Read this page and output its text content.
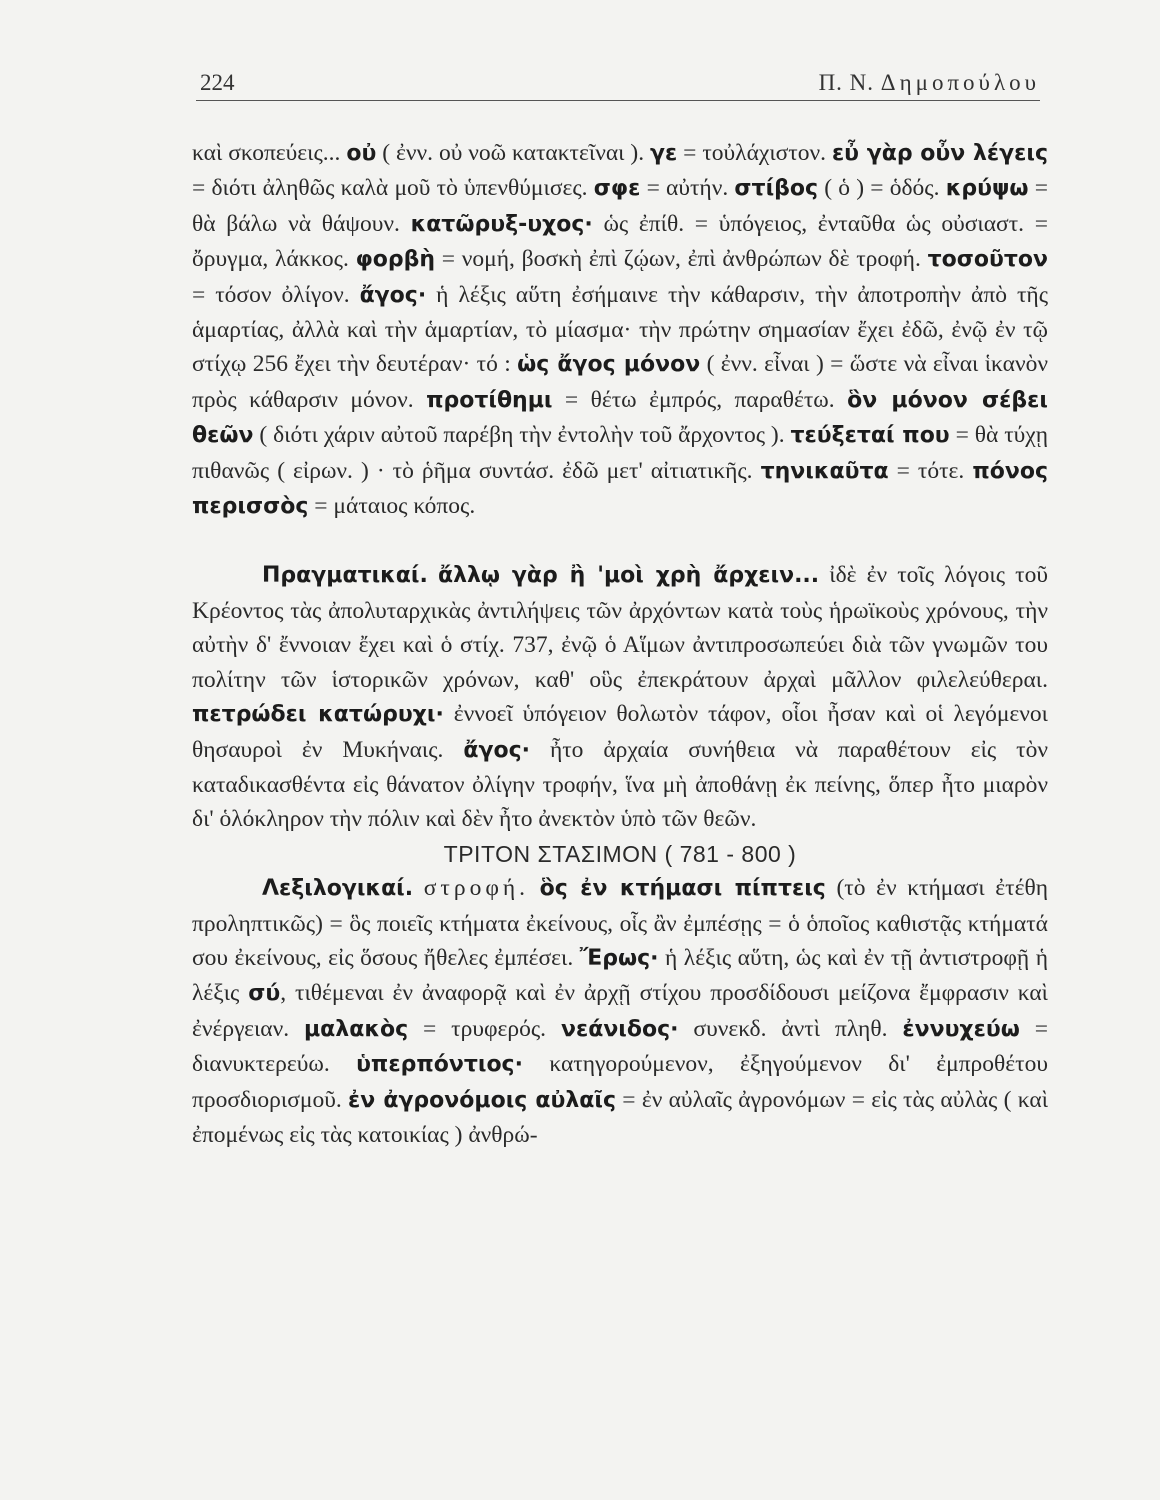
224	Π. Ν. Δημοπούλου

καὶ σκοπεύεις... οὐ ( ἐνν. οὐ νοῶ κατακτεῖναι ). γε = τοὐλάχιστον. εὖ γὰρ οὖν λέγεις = διότι ἀληθῶς καλὰ μοῦ τὸ ὑπενθύμισες. σφε = αὐτήν. στίβος ( ὁ ) = ὁδός. κρύψω = θὰ βάλω νὰ θάψουν. κατῶρυξ-υχος· ὡς ἐπίθ. = ὑπόγειος, ἐνταῦθα ὡς οὐσιαστ. = ὄρυγμα, λάκκος. φορβὴ = νομή, βοσκὴ ἐπὶ ζῴων, ἐπὶ ἀνθρώπων δὲ τροφή. τοσοῦτον = τόσον ὀλίγον. ἄγος· ἡ λέξις αὕτη ἐσήμαινε τὴν κάθαρσιν, τὴν ἀποτροπὴν ἀπὸ τῆς ἁμαρτίας, ἀλλὰ καὶ τὴν ἁμαρτίαν, τὸ μίασμα· τὴν πρώτην σημασίαν ἔχει ἐδῶ, ἐνῷ ἐν τῷ στίχῳ 256 ἔχει τὴν δευτέραν· τό : ὡς ἄγος μόνον ( ἐνν. εἶναι ) = ὥστε νὰ εἶναι ἱκανὸν πρὸς κάθαρσιν μόνον. προτίθημι = θέτω ἐμπρός, παραθέτω. ὃν μόνον σέβει θεῶν ( διότι χάριν αὐτοῦ παρέβη τὴν ἐντολὴν τοῦ ἄρχοντος ). τεύξεταί που = θὰ τύχῃ πιθανῶς ( εἰρων. ) · τὸ ῥῆμα συντάσ. ἐδῶ μετ' αἰτιατικῆς. τηνικαῦτα = τότε. πόνος περισσὸς = μάταιος κόπος.

Πραγματικαί. ἄλλῳ γὰρ ἢ 'μοὶ χρὴ ἄρχειν... ἰδὲ ἐν τοῖς λόγοις τοῦ Κρέοντος τὰς ἀπολυταρχικὰς ἀντιλήψεις τῶν ἀρχόντων κατὰ τοὺς ἡρωϊκοὺς χρόνους, τὴν αὐτὴν δ' ἔννοιαν ἔχει καὶ ὁ στίχ. 737, ἐνῷ ὁ Αἵμων ἀντιπροσωπεύει διὰ τῶν γνωμῶν του πολίτην τῶν ἱστορικῶν χρόνων, καθ' οὓς ἐπεκράτουν ἀρχαὶ μᾶλλον φιλελεύθεραι. πετρώδει κατώρυχι· ἐννοεῖ ὑπόγειον θολωτὸν τάφον, οἷοι ἦσαν καὶ οἱ λεγόμενοι θησαυροὶ ἐν Μυκήναις. ἄγος· ἦτο ἀρχαία συνήθεια νὰ παραθέτουν εἰς τὸν καταδικασθέντα εἰς θάνατον ὀλίγην τροφήν, ἵνα μὴ ἀποθάνῃ ἐκ πείνης, ὅπερ ἦτο μιαρὸν δι' ὁλόκληρον τὴν πόλιν καὶ δὲν ἦτο ἀνεκτὸν ὑπὸ τῶν θεῶν.

ΤΡΙΤΟΝ ΣΤΑΣΙΜΟΝ ( 781 - 800 )

Λεξιλογικαί. στροφή. ὃς ἐν κτήμασι πίπτεις (τὸ ἐν κτήμασι ἐτέθη προληπτικῶς) = ὃς ποιεῖς κτήματα ἐκείνους, οἷς ἂν ἐμπέσῃς = ὁ ὁποῖος καθιστᾷς κτήματά σου ἐκείνους, εἰς ὅσους ἤθελες ἐμπέσει. Ἔρως· ἡ λέξις αὕτη, ὡς καὶ ἐν τῇ ἀντιστροφῇ ἡ λέξις σύ, τιθέμεναι ἐν ἀναφορᾷ καὶ ἐν ἀρχῇ στίχου προσδίδουσι μείζονα ἔμφρασιν καὶ ἐνέργειαν. μαλακὸς = τρυφερός. νεάνιδος· συνεκδ. ἀντὶ πληθ. ἐννυχεύω = διανυκτερεύω. ὑπερπόντιος· κατηγορούμενον, ἐξηγούμενον δι' ἐμπροθέτου προσδιορισμοῦ. ἐν ἀγρονόμοις αὐλαῖς = ἐν αὐλαῖς ἀγρονόμων = εἰς τὰς αὐλὰς ( καὶ ἐπομένως εἰς τὰς κατοικίας ) ἀνθρώ-
